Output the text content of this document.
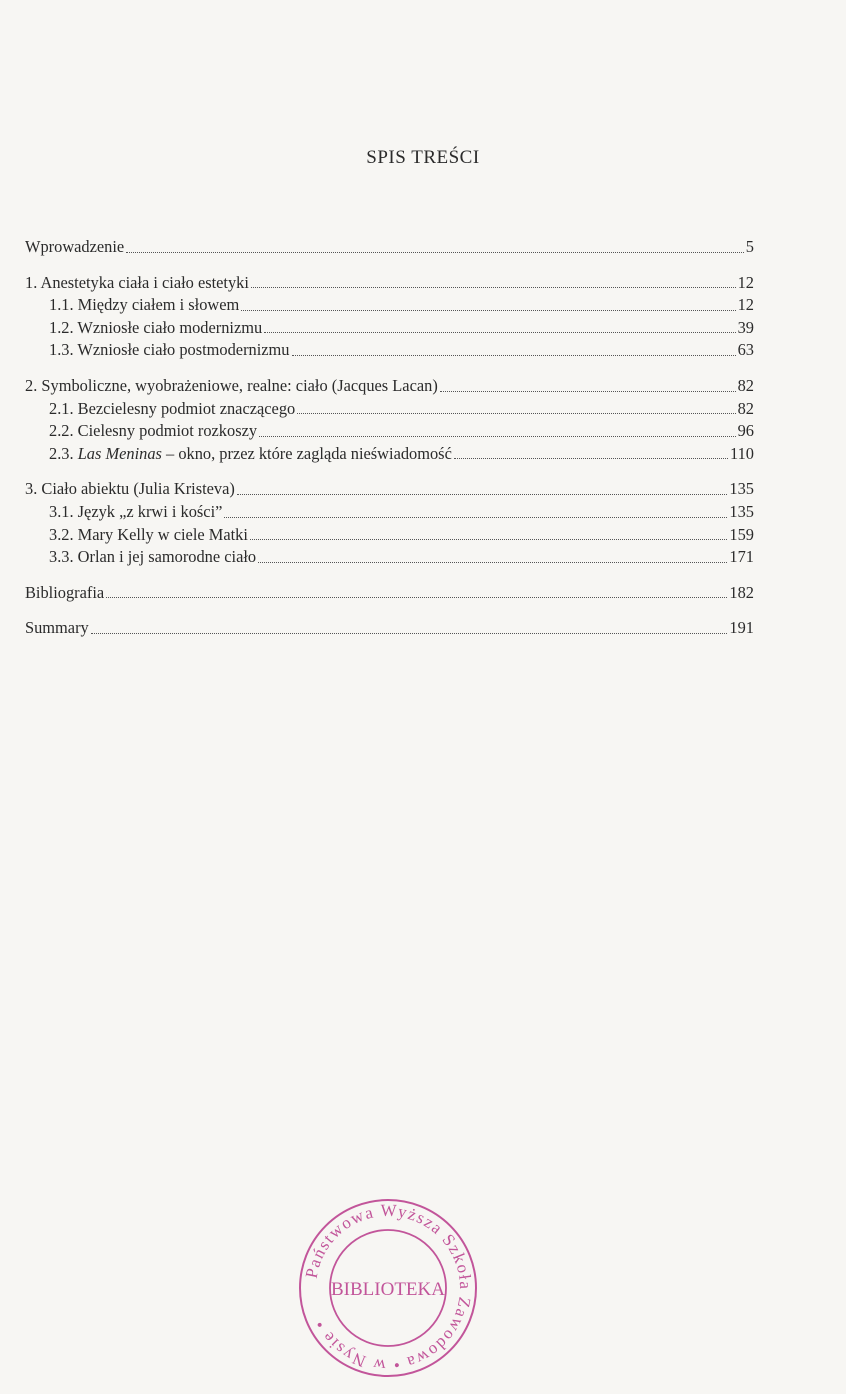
SPIS TREŚCI
Wprowadzenie	5
1. Anestetyka ciała i ciało estetyki	12
1.1. Między ciałem i słowem	12
1.2. Wzniosłe ciało modernizmu	39
1.3. Wzniosłe ciało postmodernizmu	63
2. Symboliczne, wyobrażeniowe, realne: ciało (Jacques Lacan)	82
2.1. Bezcielesny podmiot znaczącego	82
2.2. Cielesny podmiot rozkoszy	96
2.3. Las Meninas – okno, przez które zagląda nieświadomość	110
3. Ciało abiektu (Julia Kristeva)	135
3.1. Język „z krwi i kości”	135
3.2. Mary Kelly w ciele Matki	159
3.3. Orlan i jej samorodne ciało	171
Bibliografia	182
Summary	191
Państwowa Wyższa Szkoła Zawodowa • w Nysie •
BIBLIOTEKA
